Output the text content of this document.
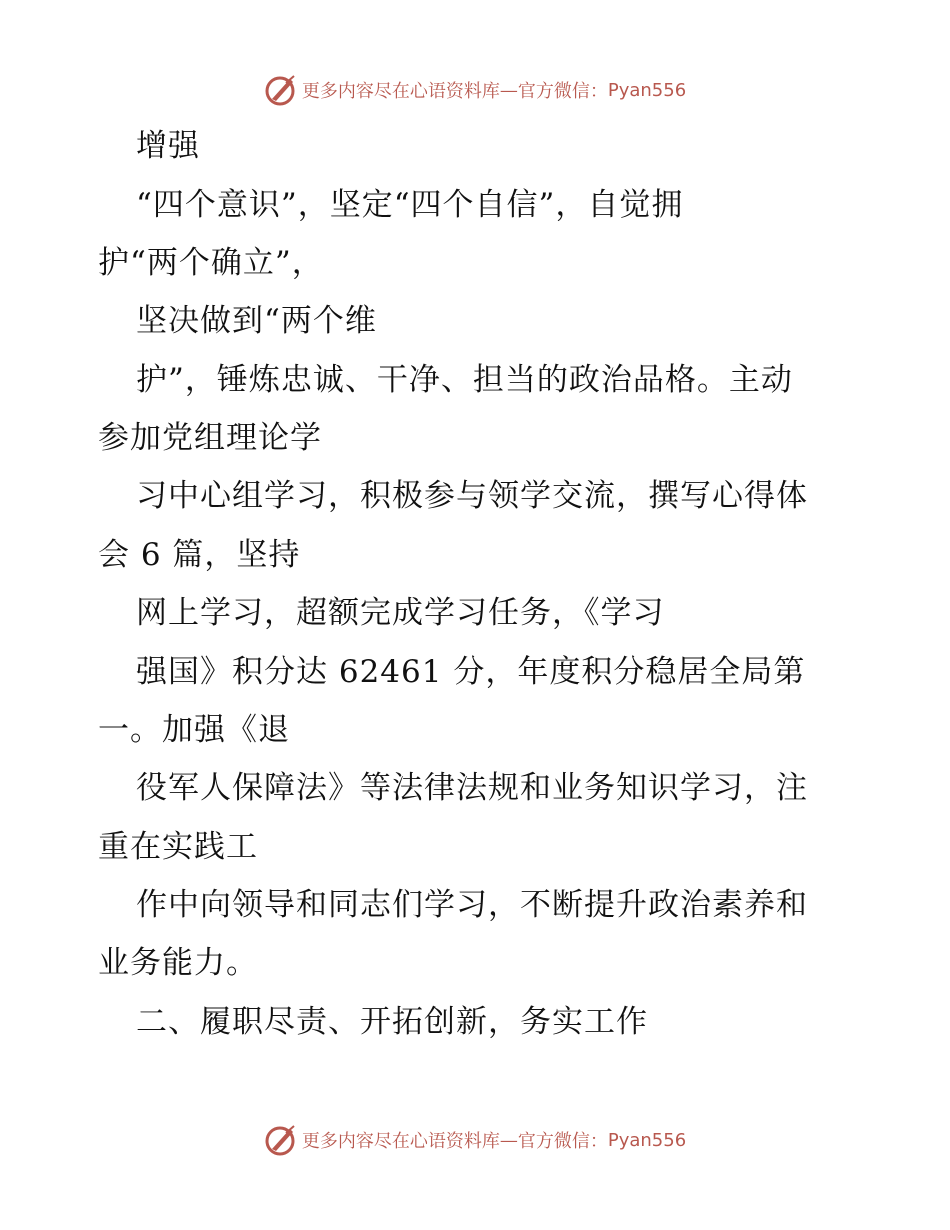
更多内容尽在心语资料库 — 官方微信： Pyan556
增强
“四个意识”，坚定“四个自信”，自觉拥
护“两个确立”，
坚决做到“两个维
护”，锤炼忠诚、干净、担当的政治品格。主动
参加党组理论学
习中心组学习，积极参与领学交流，撰写心得体
会 6 篇，坚持
网上学习，超额完成学习任务，《学习
强国》积分达 62461 分，年度积分稳居全局第
一。加强《退
役军人保障法》等法律法规和业务知识学习，注
重在实践工
作中向领导和同志们学习，不断提升政治素养和
业务能力。
二、履职尽责、开拓创新，务实工作
更多内容尽在心语资料库 — 官方微信： Pyan556
